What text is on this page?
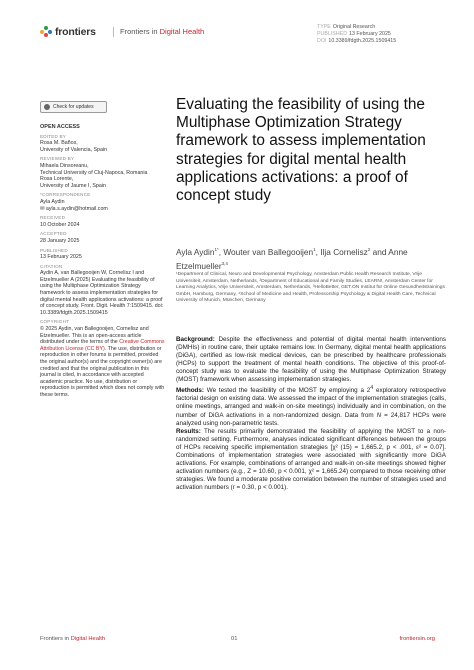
frontiers	Frontiers in Digital Health	TYPE Original Research
PUBLISHED 13 February 2025
DOI 10.3389/fdgth.2025.1509415
Check for updates
OPEN ACCESS
EDITED BY

Rosa M. Baños,

University of Valencia, Spain

REVIEWED BY

Mihaela Dinsoreanu,

Technical University of Cluj-Napoca, Romania

Rosa Lorente,

University of Jaume I, Spain

*CORRESPONDENCE

Ayla Aydin

✉ ayla.s.aydin@hotmail.com

RECEIVED

10 October 2024

ACCEPTED

28 January 2025

PUBLISHED

13 February 2025

CITATION

Aydin A, van Ballegooijen W, Cornelisz I and Etzelmueller A (2025) Evaluating the feasibility of using the Multiphase Optimization Strategy framework to assess implementation strategies for digital mental health applications activations: a proof of concept study. Front. Digit. Health 7:1509415. doi: 10.3389/fdgth.2025.1509415

COPYRIGHT

© 2025 Aydin, van Ballegooijen, Cornelisz and Etzelmueller. This is an open-access article distributed under the terms of the Creative Commons Attribution License (CC BY). The use, distribution or reproduction in other forums is permitted, provided the original author(s) and the copyright owner(s) are credited and that the original publication in this journal is cited, in accordance with accepted academic practice. No use, distribution or reproduction is permitted which does not comply with these terms.

Evaluating the feasibility of using the Multiphase Optimization Strategy framework to assess implementation strategies for digital mental health applications activations: a proof of concept study
Ayla Aydin$^{1*}$, Wouter van Ballegooijen$^1$, Ilja Cornelisz$^2$ and Anne Etzelmueller$^{3,4}$
¹Department of Clinical, Neuro and Developmental Psychology, Amsterdam Public Health Research Institute, Vrije Universiteit, Amsterdam, Netherlands, ²Department of Educational and Family Studies, LEARN!, Amsterdam Center for Learning Analytics, Vrije Universiteit, Amsterdam, Netherlands, ³HelloBetter, GET.ON Institut für Online Gesundheitstrainings GmbH, Hamburg, Germany, ⁴School of Medicine and Health, Professorship Psychology & Digital Health Care, Technical University of Munich, München, Germany

Background: Despite the effectiveness and potential of digital mental health interventions (DMHIs) in routine care, their uptake remains low. In Germany, digital mental health applications (DiGA), certified as low-risk medical devices, can be prescribed by healthcare professionals (HCPs) to support the treatment of mental health conditions. The objective of this proof-of-concept study was to evaluate the feasibility of using the Multiphase Optimization Strategy (MOST) framework when assessing implementation strategies.

Methods: We tested the feasibility of the MOST by employing a $2^4$ exploratory retrospective factorial design on existing data. We assessed the impact of the implementation strategies (calls, online meetings, arranged and walk-in on-site meetings) individually and in combination, on the number of DiGA activations in a non-randomized design. Data from N = 24,817 HCPs were analyzed using non-parametric tests.

Results: The results primarily demonstrated the feasibility of applying the MOST to a non-randomized setting. Furthermore, analyses indicated significant differences between the groups of HCPs receiving specific implementation strategies [χ² (15) = 1,665.2, p < .001, ε² = 0.07]. Combinations of implementation strategies were associated with significantly more DiGA activations. For example, combinations of arranged and walk-in on-site meetings showed higher activation numbers (e.g., Z = 10.60, p < 0.001, χ² = 1,665.24) compared to those receiving other strategies. We found a moderate positive correlation between the number of strategies used and activation numbers (r = 0.30, p < 0.001).

Frontiers in Digital Health	01	frontiersin.org
